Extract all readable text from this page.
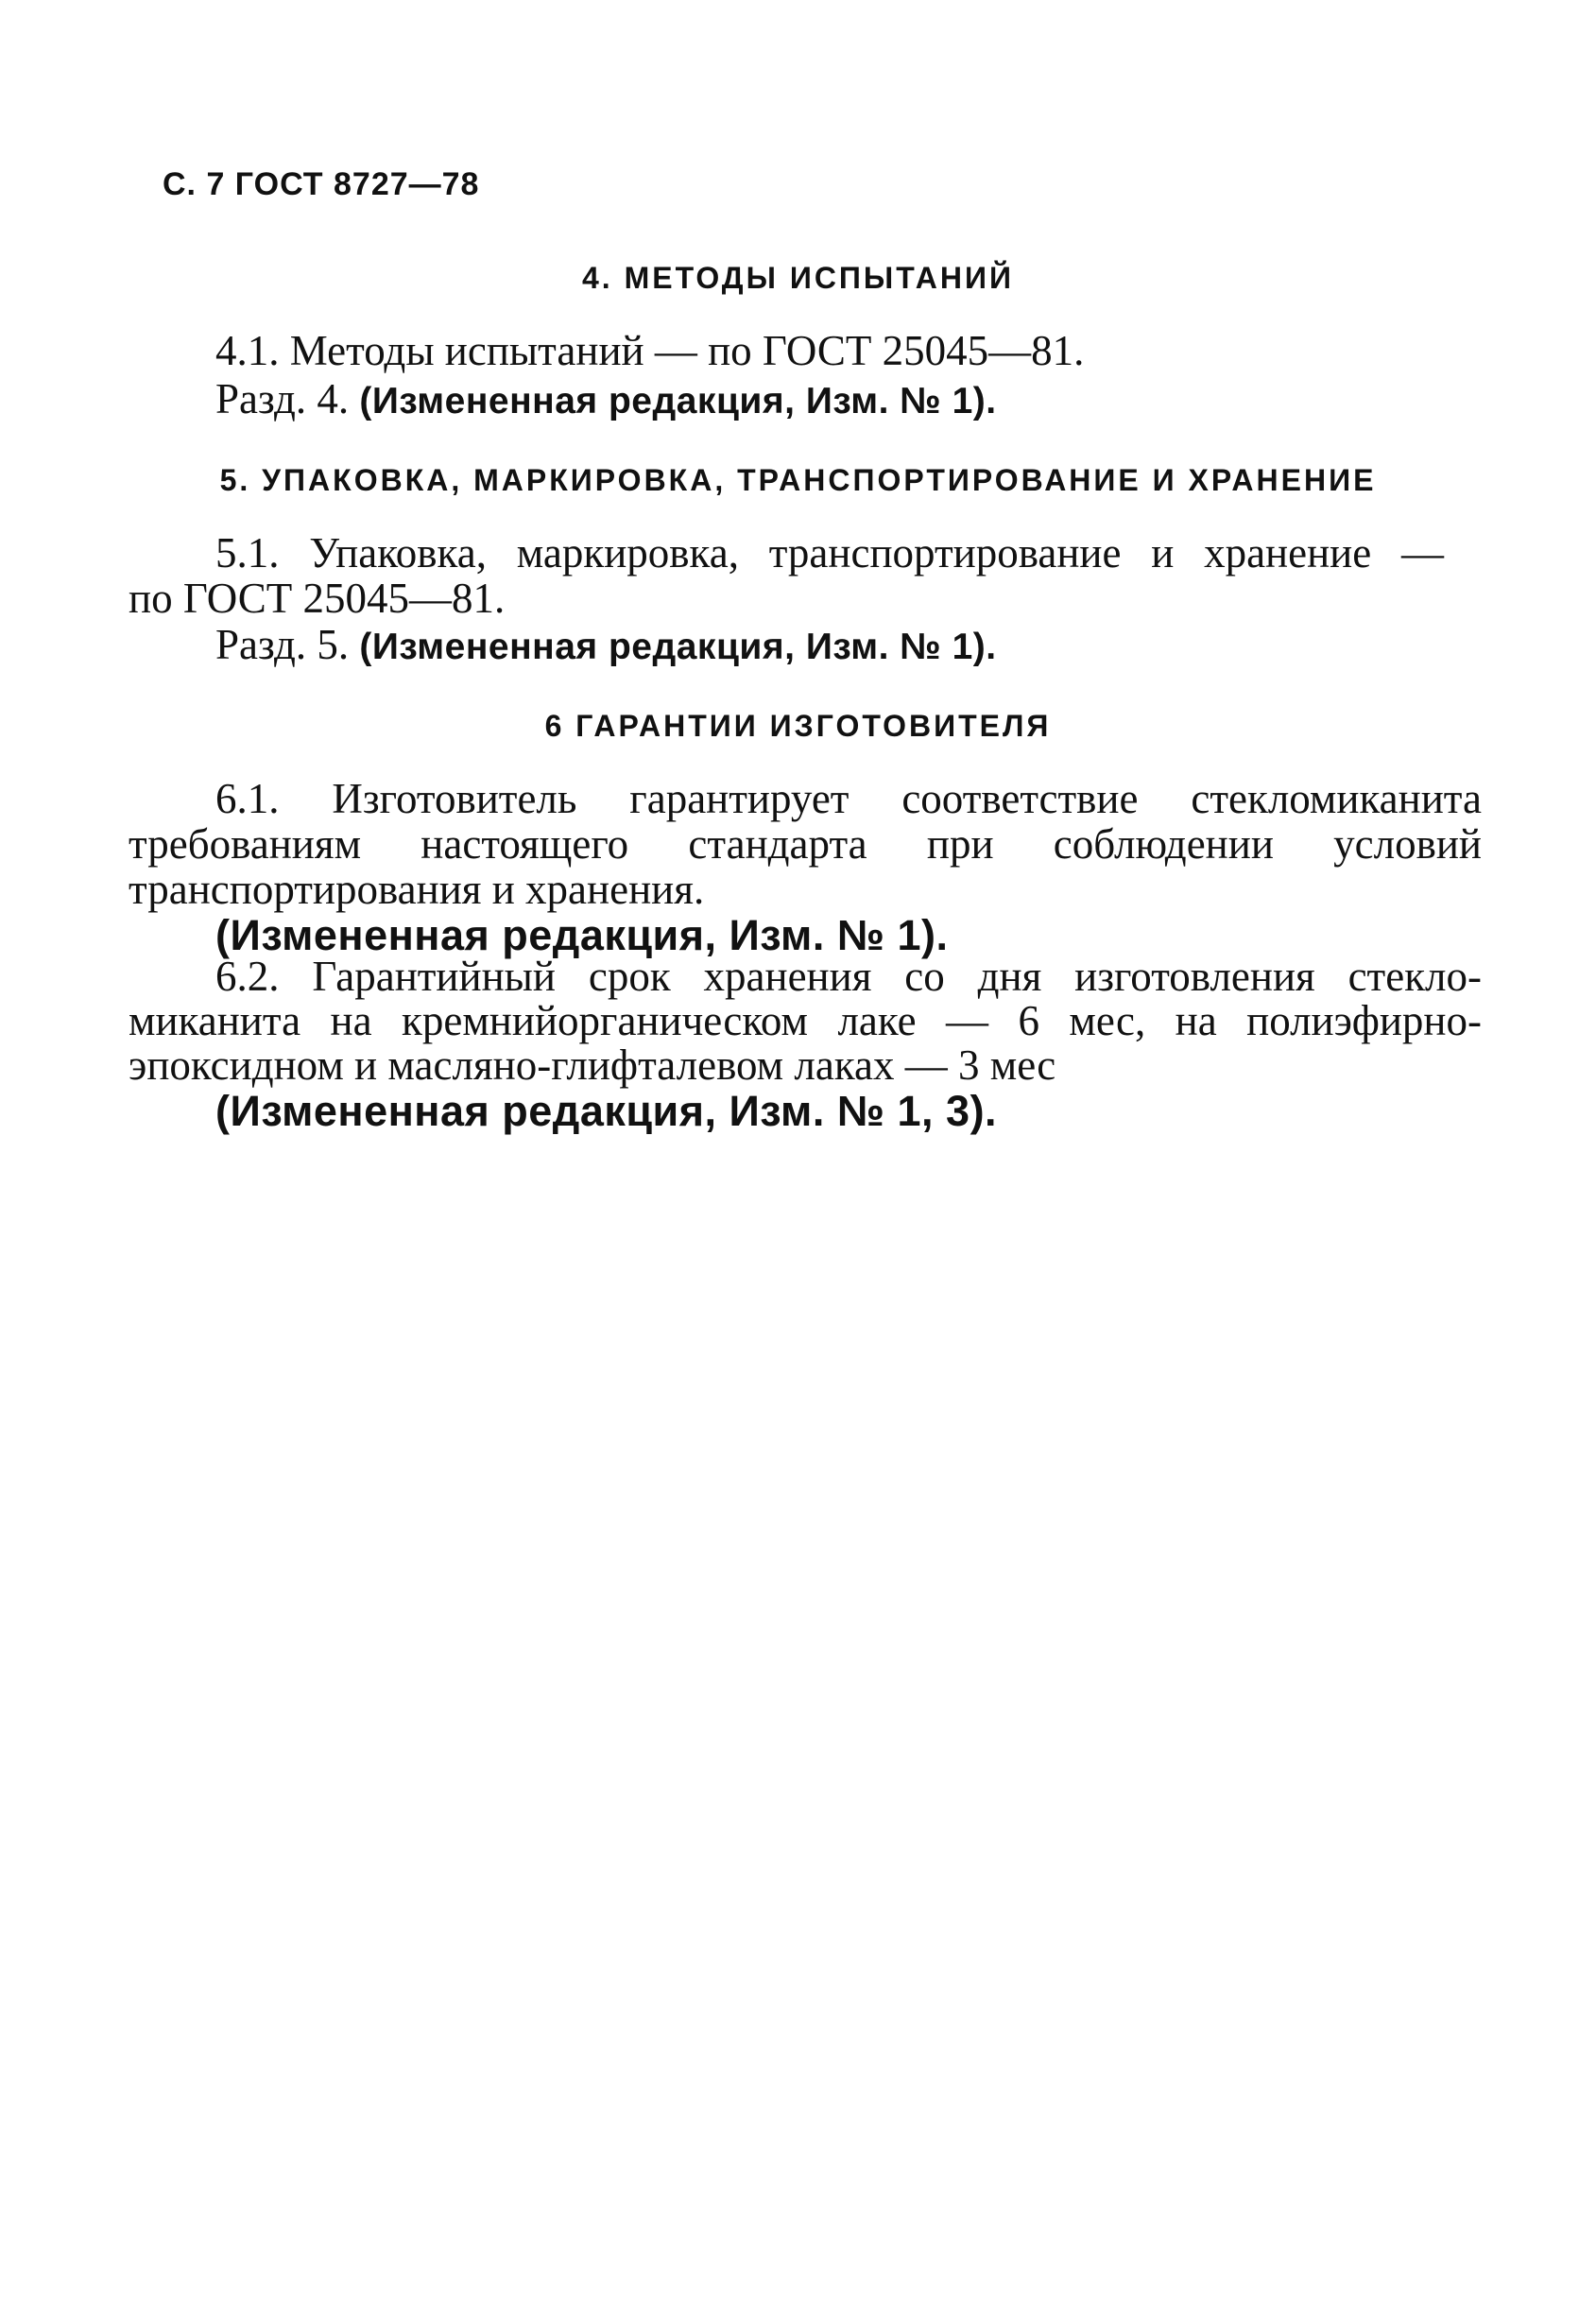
С. 7 ГОСТ 8727—78
4. МЕТОДЫ ИСПЫТАНИЙ
4.1. Методы испытаний — по ГОСТ 25045—81.
Разд. 4. (Измененная редакция, Изм. № 1).
5. УПАКОВКА, МАРКИРОВКА, ТРАНСПОРТИРОВАНИЕ И ХРАНЕНИЕ
5.1. Упаковка, маркировка, транспортирование и хранение —
по ГОСТ 25045—81.
Разд. 5. (Измененная редакция, Изм. № 1).
6 ГАРАНТИИ ИЗГОТОВИТЕЛЯ
6.1. Изготовитель гарантирует соответствие стекломиканита
требованиям настоящего стандарта при соблюдении условий
транспортирования и хранения.
(Измененная редакция, Изм. № 1).
6.2. Гарантийный срок хранения со дня изготовления стекло-
миканита на кремнийорганическом лаке — 6 мес, на полиэфирно-
эпоксидном и масляно-глифталевом лаках — 3 мес
(Измененная редакция, Изм. № 1, 3).
